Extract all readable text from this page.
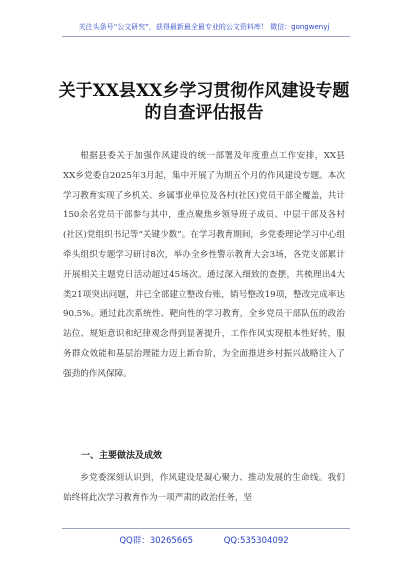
关注头条号“公文研究”，获得最新最全最专业的公文资料库！ 微信：gongwenyj
关于XX县XX乡学习贯彻作风建设专题的自查评估报告

根据县委关于加强作风建设的统一部署及年度重点工作安排，XX县XX乡党委自2025年3月起，集中开展了为期五个月的作风建设专题。本次学习教育实现了乡机关、乡属事业单位及各村(社区)党员干部全覆盖，共计150余名党员干部参与其中，重点聚焦乡领导班子成员、中层干部及各村(社区)党组织书记等“关键少数”。在学习教育期间，乡党委理论学习中心组牵头组织专题学习研讨8次，举办全乡性警示教育大会3场，各党支部累计开展相关主题党日活动超过45场次。通过深入细致的查摆，共梳理出4大类21项突出问题，并已全部建立整改台账，销号整改19项，整改完成率达90.5%。通过此次系统性、靶向性的学习教育，全乡党员干部队伍的政治站位、规矩意识和纪律观念得到显著提升，工作作风实现根本性好转，服务群众效能和基层治理能力迈上新台阶，为全面推进乡村振兴战略注入了强劲的作风保障。

一、主要做法及成效

乡党委深刻认识到，作风建设是凝心聚力、推动发展的生命线。我们始终将此次学习教育作为一项严肃的政治任务，坚

QQ群：30265665	QQ:535304092
